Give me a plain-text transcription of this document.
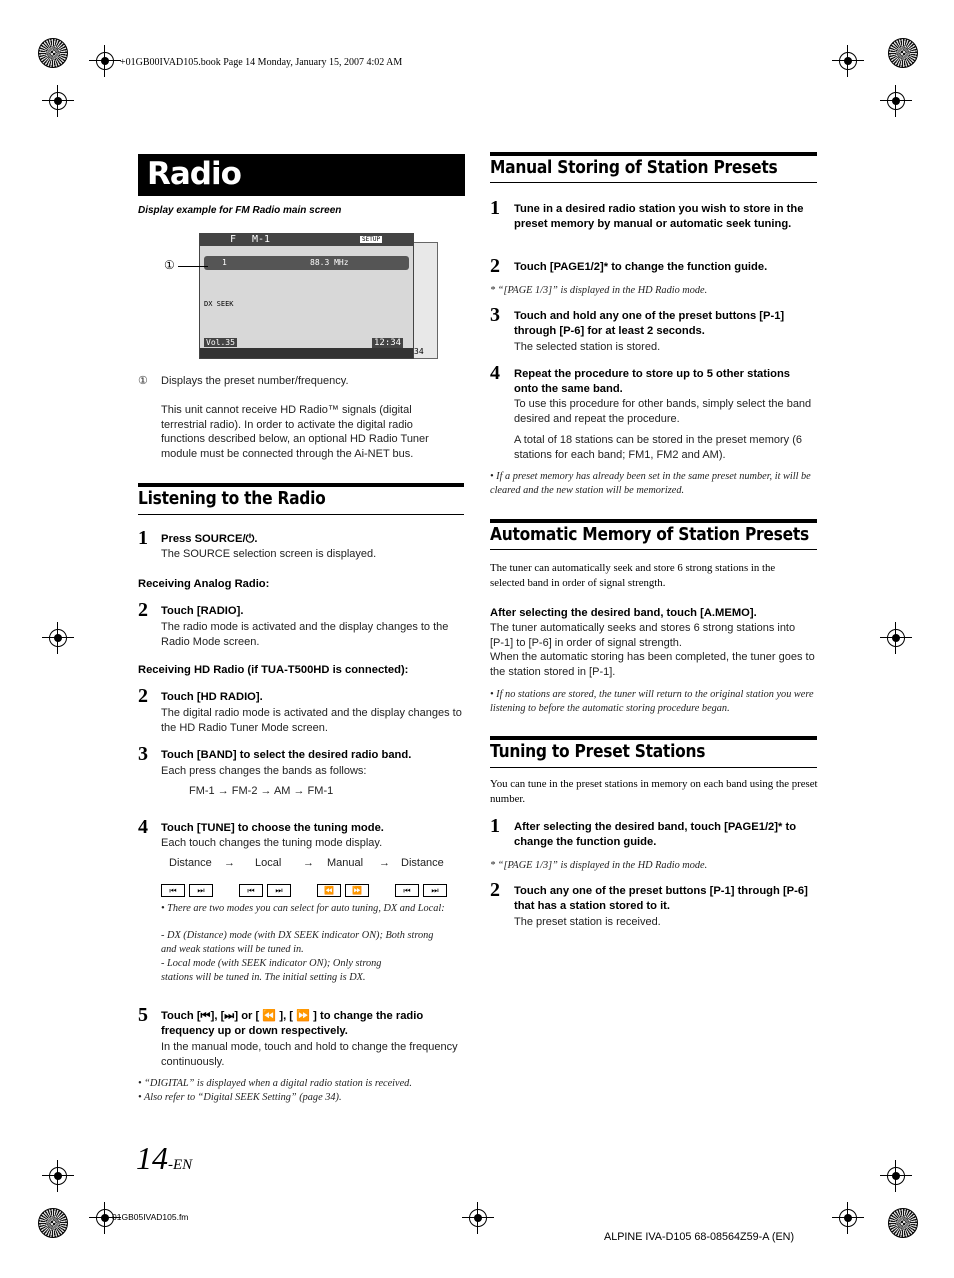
+01GB00IVAD105.book Page 14 Monday, January 15, 2007 4:02 AM
Radio
Display example for FM Radio main screen
F M-1	SETUP
1	88.3 MHz
DX SEEK
Vol.35	12:34
34
①
① Displays the preset number/frequency.
This unit cannot receive HD Radio™ signals (digital terrestrial radio). In order to activate the digital radio functions described below, an optional HD Radio Tuner module must be connected through the Ai-NET bus.
Listening to the Radio
1 Press SOURCE/⏻.
The SOURCE selection screen is displayed.
Receiving Analog Radio:
2 Touch [RADIO].
The radio mode is activated and the display changes to the Radio Mode screen.
Receiving HD Radio (if TUA-T500HD is connected):
2 Touch [HD RADIO].
The digital radio mode is activated and the display changes to the HD Radio Tuner Mode screen.
3 Touch [BAND] to select the desired radio band.
Each press changes the bands as follows:
FM-1 → FM-2 → AM → FM-1
4 Touch [TUNE] to choose the tuning mode.
Each touch changes the tuning mode display.
Distance → Local → Manual → Distance
⏮	⏭	⏮	⏭	⏪ ⏩	⏮	⏭
• There are two modes you can select for auto tuning, DX and Local:
- DX (Distance) mode (with DX SEEK indicator ON); Both strong and weak stations will be tuned in.
- Local mode (with SEEK indicator ON); Only strong stations will be tuned in. The initial setting is DX.
5 Touch [⏮], [⏭] or [ ⏪ ], [ ⏩ ] to change the radio frequency up or down respectively.
In the manual mode, touch and hold to change the frequency continuously.
• “DIGITAL” is displayed when a digital radio station is received.
• Also refer to “Digital SEEK Setting” (page 34).
Manual Storing of Station Presets
1 Tune in a desired radio station you wish to store in the preset memory by manual or automatic seek tuning.
2 Touch [PAGE1/2]* to change the function guide.
* “[PAGE 1/3]” is displayed in the HD Radio mode.
3 Touch and hold any one of the preset buttons [P-1] through [P-6] for at least 2 seconds.
The selected station is stored.
4 Repeat the procedure to store up to 5 other stations onto the same band.
To use this procedure for other bands, simply select the band desired and repeat the procedure.
A total of 18 stations can be stored in the preset memory (6 stations for each band; FM1, FM2 and AM).
• If a preset memory has already been set in the same preset number, it will be cleared and the new station will be memorized.
Automatic Memory of Station Presets
The tuner can automatically seek and store 6 strong stations in the selected band in order of signal strength.
After selecting the desired band, touch [A.MEMO].
The tuner automatically seeks and stores 6 strong stations into [P-1] to [P-6] in order of signal strength.
When the automatic storing has been completed, the tuner goes to the station stored in [P-1].
• If no stations are stored, the tuner will return to the original station you were listening to before the automatic storing procedure began.
Tuning to Preset Stations
You can tune in the preset stations in memory on each band using the preset number.
1 After selecting the desired band, touch [PAGE1/2]* to change the function guide.
* “[PAGE 1/3]” is displayed in the HD Radio mode.
2 Touch any one of the preset buttons [P-1] through [P-6] that has a station stored to it.
The preset station is received.
14-EN
01GB05IVAD105.fm
ALPINE IVA-D105 68-08564Z59-A (EN)
